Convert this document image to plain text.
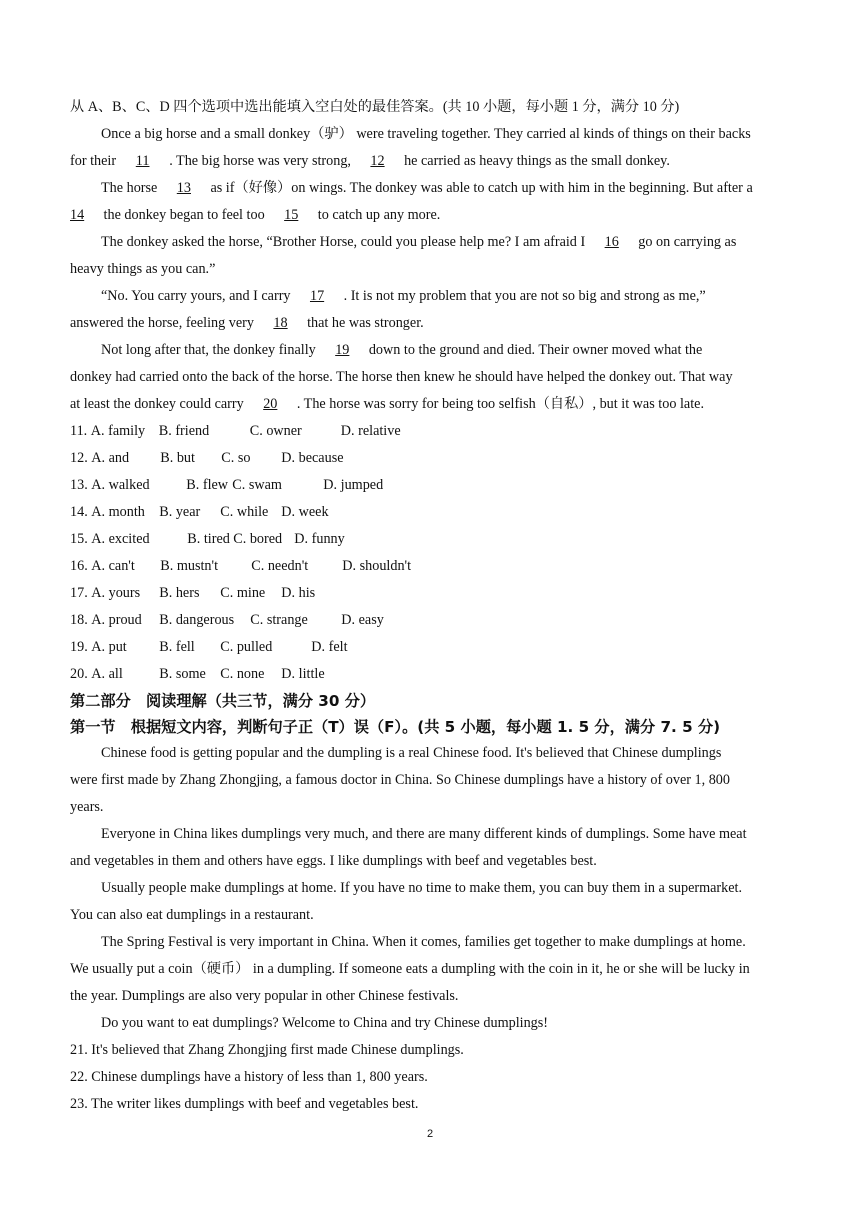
从 A、B、C、D 四个选项中选出能填入空白处的最佳答案。(共 10 小题，每小题 1 分，满分 10 分)
Once a big horse and a small donkey（驴） were traveling together. They carried al kinds of things on their backs
for their 11 . The big horse was very strong, 12 he carried as heavy things as the small donkey.
The horse 13 as if（好像）on wings. The donkey was able to catch up with him in the beginning. But after a
14 the donkey began to feel too 15 to catch up any more.
The donkey asked the horse, “Brother Horse, could you please help me? I am afraid I 16 go on carrying as
heavy things as you can.”
“No. You carry yours, and I carry 17 . It is not my problem that you are not so big and strong as me,”
answered the horse, feeling very 18 that he was stronger.
Not long after that, the donkey finally 19 down to the ground and died. Their owner moved what the
donkey had carried onto the back of the horse. The horse then knew he should have helped the donkey out. That way
at least the donkey could carry 20 . The horse was sorry for being too selfish（自私）, but it was too late.
11. A. family B. friend	C. owner	D. relative
12. A. and B. but C. so D. because
13. A. walked	B. flew C. swam	D. jumped
14. A. month B. year C. while D. week
15. A. excited	B. tired C. bored D. funny
16. A. can't B. mustn't C. needn't D. shouldn't
17. A. yours B. hers C. mine D. his
18. A. proud B. dangerous C. strange D. easy
19. A. put B. fell C. pulled	D. felt
20. A. all	B. some C. none D. little
第二部分　阅读理解（共三节，满分 30 分）
第一节　根据短文内容，判断句子正（T）误（F）。(共 5 小题，每小题 1. 5 分，满分 7. 5 分)
Chinese food is getting popular and the dumpling is a real Chinese food. It's believed that Chinese dumplings
were first made by Zhang Zhongjing, a famous doctor in China. So Chinese dumplings have a history of over 1, 800
years.
Everyone in China likes dumplings very much, and there are many different kinds of dumplings. Some have meat
and vegetables in them and others have eggs. I like dumplings with beef and vegetables best.
Usually people make dumplings at home. If you have no time to make them, you can buy them in a supermarket.
You can also eat dumplings in a restaurant.
The Spring Festival is very important in China. When it comes, families get together to make dumplings at home.
We usually put a coin（硬币） in a dumpling. If someone eats a dumpling with the coin in it, he or she will be lucky in
the year. Dumplings are also very popular in other Chinese festivals.
Do you want to eat dumplings? Welcome to China and try Chinese dumplings!
21. It's believed that Zhang Zhongjing first made Chinese dumplings.
22. Chinese dumplings have a history of less than 1, 800 years.
23. The writer likes dumplings with beef and vegetables best.
2
